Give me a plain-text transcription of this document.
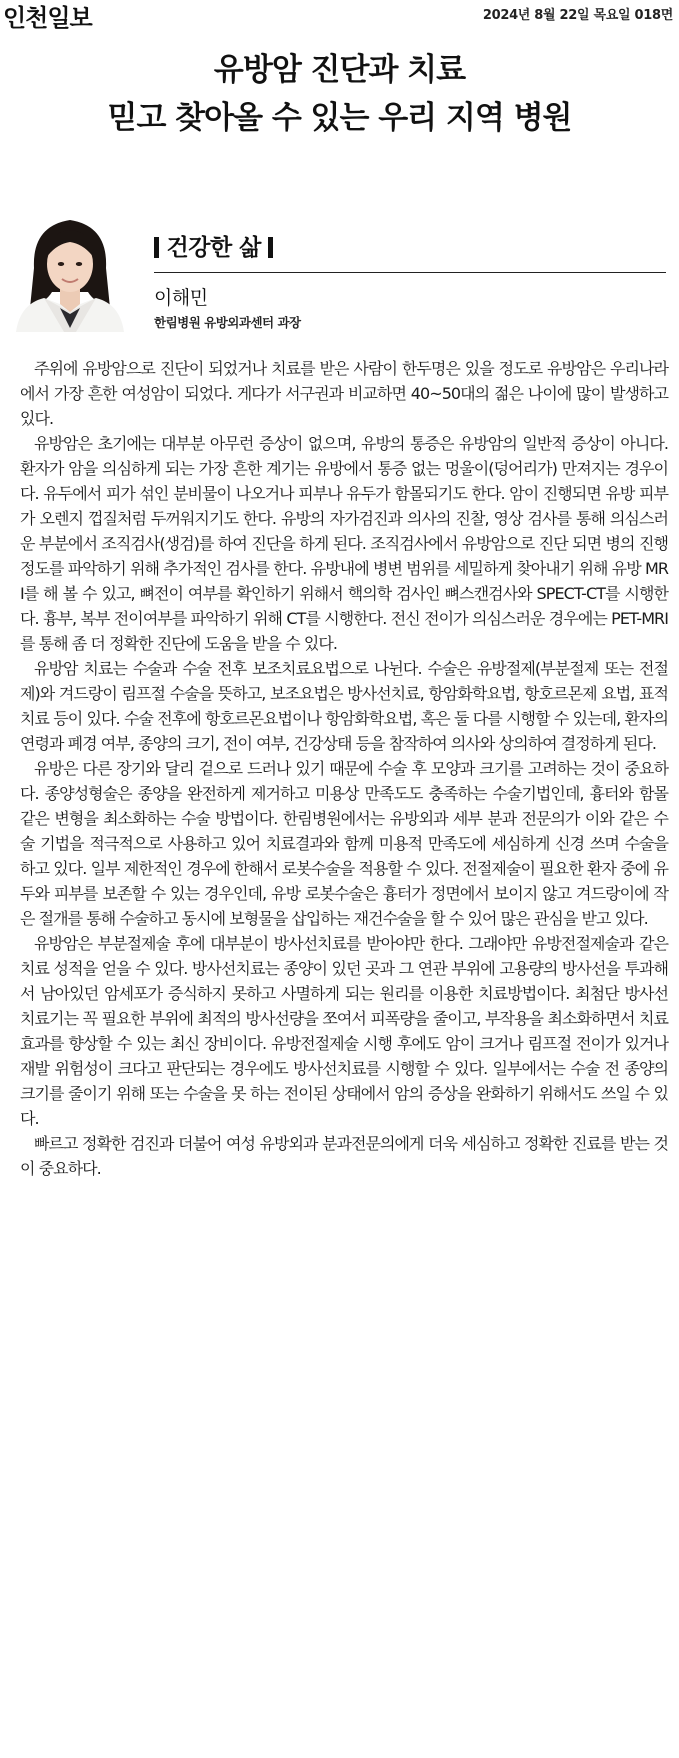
인천일보	2024년 8월 22일 목요일 018면
유방암 진단과 치료
믿고 찾아올 수 있는 우리 지역 병원
건강한 삶
이해민
한림병원 유방외과센터 과장

주위에 유방암으로 진단이 되었거나 치료를 받은 사람이 한두명은 있을 정도로 유방암은 우리나라에서 가장 흔한 여성암이 되었다. 게다가 서구권과 비교하면 40~50대의 젊은 나이에 많이 발생하고 있다.

유방암은 초기에는 대부분 아무런 증상이 없으며, 유방의 통증은 유방암의 일반적 증상이 아니다. 환자가 암을 의심하게 되는 가장 흔한 계기는 유방에서 통증 없는 멍울이(덩어리가) 만져지는 경우이다. 유두에서 피가 섞인 분비물이 나오거나 피부나 유두가 함몰되기도 한다. 암이 진행되면 유방 피부가 오렌지 껍질처럼 두꺼워지기도 한다. 유방의 자가검진과 의사의 진찰, 영상 검사를 통해 의심스러운 부분에서 조직검사(생검)를 하여 진단을 하게 된다. 조직검사에서 유방암으로 진단 되면 병의 진행 정도를 파악하기 위해 추가적인 검사를 한다. 유방내에 병변 범위를 세밀하게 찾아내기 위해 유방 MRI를 해 볼 수 있고, 뼈전이 여부를 확인하기 위해서 핵의학 검사인 뼈스캔검사와 SPECT-CT를 시행한다. 흉부, 복부 전이여부를 파악하기 위해 CT를 시행한다. 전신 전이가 의심스러운 경우에는 PET-MRI를 통해 좀 더 정확한 진단에 도움을 받을 수 있다.

유방암 치료는 수술과 수술 전후 보조치료요법으로 나뉜다. 수술은 유방절제(부분절제 또는 전절제)와 겨드랑이 림프절 수술을 뜻하고, 보조요법은 방사선치료, 항암화학요법, 항호르몬제 요법, 표적치료 등이 있다. 수술 전후에 항호르몬요법이나 항암화학요법, 혹은 둘 다를 시행할 수 있는데, 환자의 연령과 폐경 여부, 종양의 크기, 전이 여부, 건강상태 등을 참작하여 의사와 상의하여 결정하게 된다.

유방은 다른 장기와 달리 겉으로 드러나 있기 때문에 수술 후 모양과 크기를 고려하는 것이 중요하다. 종양성형술은 종양을 완전하게 제거하고 미용상 만족도도 충족하는 수술기법인데, 흉터와 함몰 같은 변형을 최소화하는 수술 방법이다. 한림병원에서는 유방외과 세부 분과 전문의가 이와 같은 수술 기법을 적극적으로 사용하고 있어 치료결과와 함께 미용적 만족도에 세심하게 신경 쓰며 수술을 하고 있다. 일부 제한적인 경우에 한해서 로봇수술을 적용할 수 있다. 전절제술이 필요한 환자 중에 유두와 피부를 보존할 수 있는 경우인데, 유방 로봇수술은 흉터가 정면에서 보이지 않고 겨드랑이에 작은 절개를 통해 수술하고 동시에 보형물을 삽입하는 재건수술을 할 수 있어 많은 관심을 받고 있다.

유방암은 부분절제술 후에 대부분이 방사선치료를 받아야만 한다. 그래야만 유방전절제술과 같은 치료 성적을 얻을 수 있다. 방사선치료는 종양이 있던 곳과 그 연관 부위에 고용량의 방사선을 투과해서 남아있던 암세포가 증식하지 못하고 사멸하게 되는 원리를 이용한 치료방법이다. 최첨단 방사선 치료기는 꼭 필요한 부위에 최적의 방사선량을 쪼여서 피폭량을 줄이고, 부작용을 최소화하면서 치료 효과를 향상할 수 있는 최신 장비이다. 유방전절제술 시행 후에도 암이 크거나 림프절 전이가 있거나 재발 위험성이 크다고 판단되는 경우에도 방사선치료를 시행할 수 있다. 일부에서는 수술 전 종양의 크기를 줄이기 위해 또는 수술을 못 하는 전이된 상태에서 암의 증상을 완화하기 위해서도 쓰일 수 있다.

빠르고 정확한 검진과 더불어 여성 유방외과 분과전문의에게 더욱 세심하고 정확한 진료를 받는 것이 중요하다.
